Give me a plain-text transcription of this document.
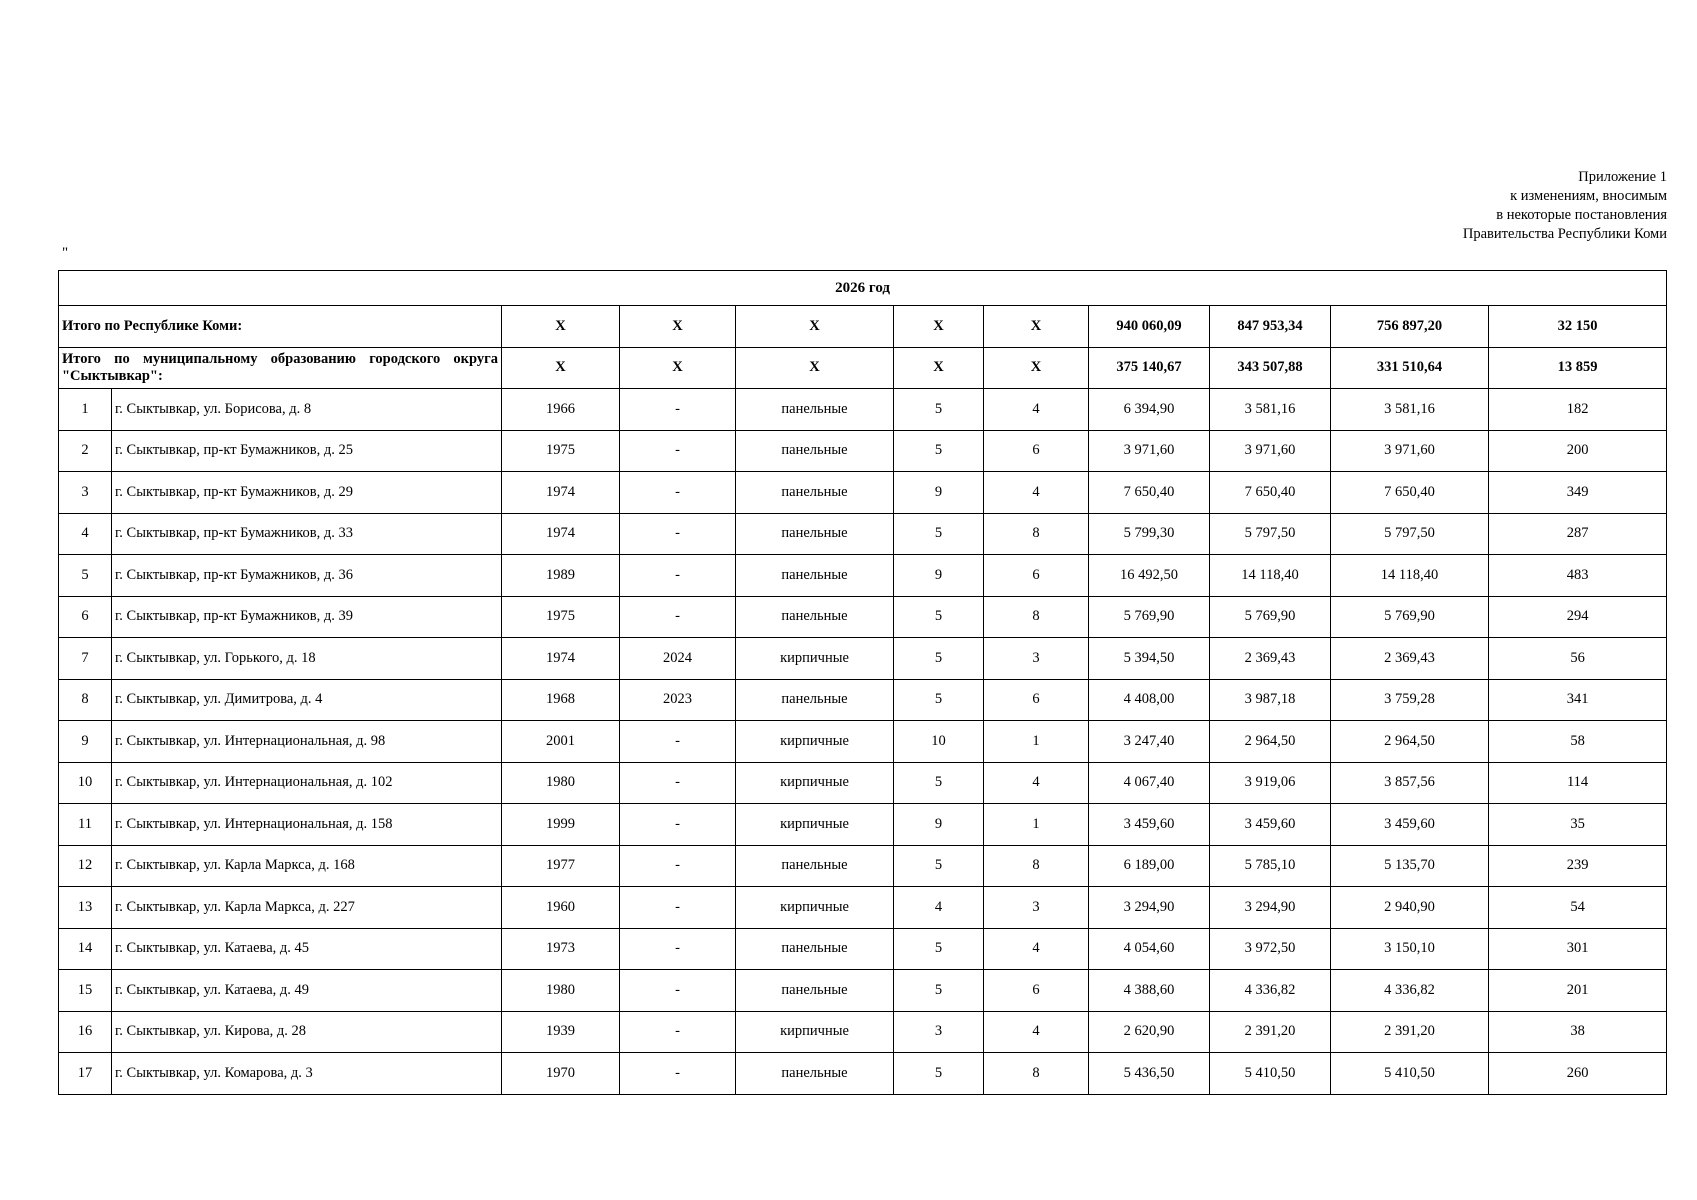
Приложение 1
к изменениям, вносимым
в некоторые постановления
Правительства Республики Коми
"
2026 год										
Итого по Республике Коми:		X	X	X	X	X	940 060,09	847 953,34	756 897,20	32 150
Итого по муниципальному образованию городского округа "Сыктывкар":		X	X	X	X	X	375 140,67	343 507,88	331 510,64	13 859
1	г. Сыктывкар, ул. Борисова, д. 8	1966	-	панельные	5	4	6 394,90	3 581,16	3 581,16	182
2	г. Сыктывкар, пр-кт Бумажников, д. 25	1975	-	панельные	5	6	3 971,60	3 971,60	3 971,60	200
3	г. Сыктывкар, пр-кт Бумажников, д. 29	1974	-	панельные	9	4	7 650,40	7 650,40	7 650,40	349
4	г. Сыктывкар, пр-кт Бумажников, д. 33	1974	-	панельные	5	8	5 799,30	5 797,50	5 797,50	287
5	г. Сыктывкар, пр-кт Бумажников, д. 36	1989	-	панельные	9	6	16 492,50	14 118,40	14 118,40	483
6	г. Сыктывкар, пр-кт Бумажников, д. 39	1975	-	панельные	5	8	5 769,90	5 769,90	5 769,90	294
7	г. Сыктывкар, ул. Горького, д. 18	1974	2024	кирпичные	5	3	5 394,50	2 369,43	2 369,43	56
8	г. Сыктывкар, ул. Димитрова, д. 4	1968	2023	панельные	5	6	4 408,00	3 987,18	3 759,28	341
9	г. Сыктывкар, ул. Интернациональная, д. 98	2001	-	кирпичные	10	1	3 247,40	2 964,50	2 964,50	58
10	г. Сыктывкар, ул. Интернациональная, д. 102	1980	-	кирпичные	5	4	4 067,40	3 919,06	3 857,56	114
11	г. Сыктывкар, ул. Интернациональная, д. 158	1999	-	кирпичные	9	1	3 459,60	3 459,60	3 459,60	35
12	г. Сыктывкар, ул. Карла Маркса, д. 168	1977	-	панельные	5	8	6 189,00	5 785,10	5 135,70	239
13	г. Сыктывкар, ул. Карла Маркса, д. 227	1960	-	кирпичные	4	3	3 294,90	3 294,90	2 940,90	54
14	г. Сыктывкар, ул. Катаева, д. 45	1973	-	панельные	5	4	4 054,60	3 972,50	3 150,10	301
15	г. Сыктывкар, ул. Катаева, д. 49	1980	-	панельные	5	6	4 388,60	4 336,82	4 336,82	201
16	г. Сыктывкар, ул. Кирова, д. 28	1939	-	кирпичные	3	4	2 620,90	2 391,20	2 391,20	38
17	г. Сыктывкар, ул. Комарова, д. 3	1970	-	панельные	5	8	5 436,50	5 410,50	5 410,50	260
